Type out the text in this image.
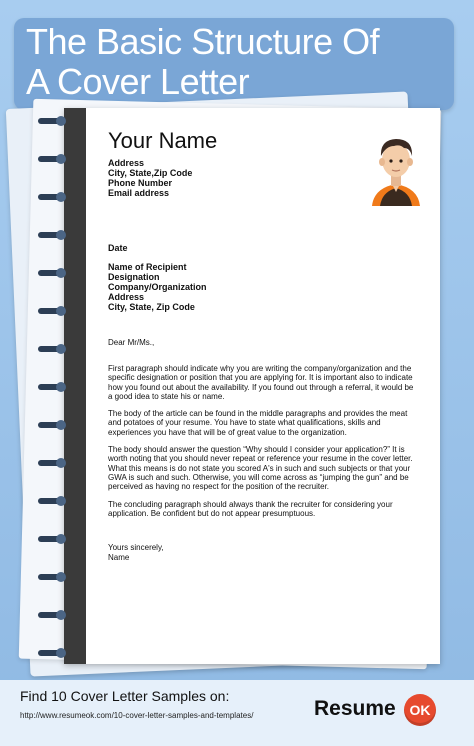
The Basic Structure Of
A Cover Letter
Your Name
Address
City, State,Zip Code
Phone Number
Email address
Date
Name of Recipient
Designation
Company/Organization
Address
City, State, Zip Code
Dear Mr/Ms.,

First paragraph should indicate why you are writing the company/organization and the specific designation or position that you are applying for. It is important also to indicate how you found out about the availability. If you found out through a referral, it would be a good idea to state his or name.

The body of the article can be found in the middle paragraphs and provides the meat and potatoes of your resume. You have to state what qualifications, skills and experiences you have that will be of great value to the organization.

The body should answer the question “Why should I consider your application?” It is worth noting that you should never repeat or reference your resume in the cover letter. What this means is do not state you scored A's in such and such subjects or that your GWA is such and such. Otherwise, you will come across as “jumping the gun” and be perceived as having no respect for the position of the recruiter.

The concluding paragraph should always thank the recruiter for considering your application. Be confident but do not appear presumptuous.

Yours sincerely,
Name
Find 10 Cover Letter Samples on:
http://www.resumeok.com/10-cover-letter-samples-and-templates/	Resume OK
